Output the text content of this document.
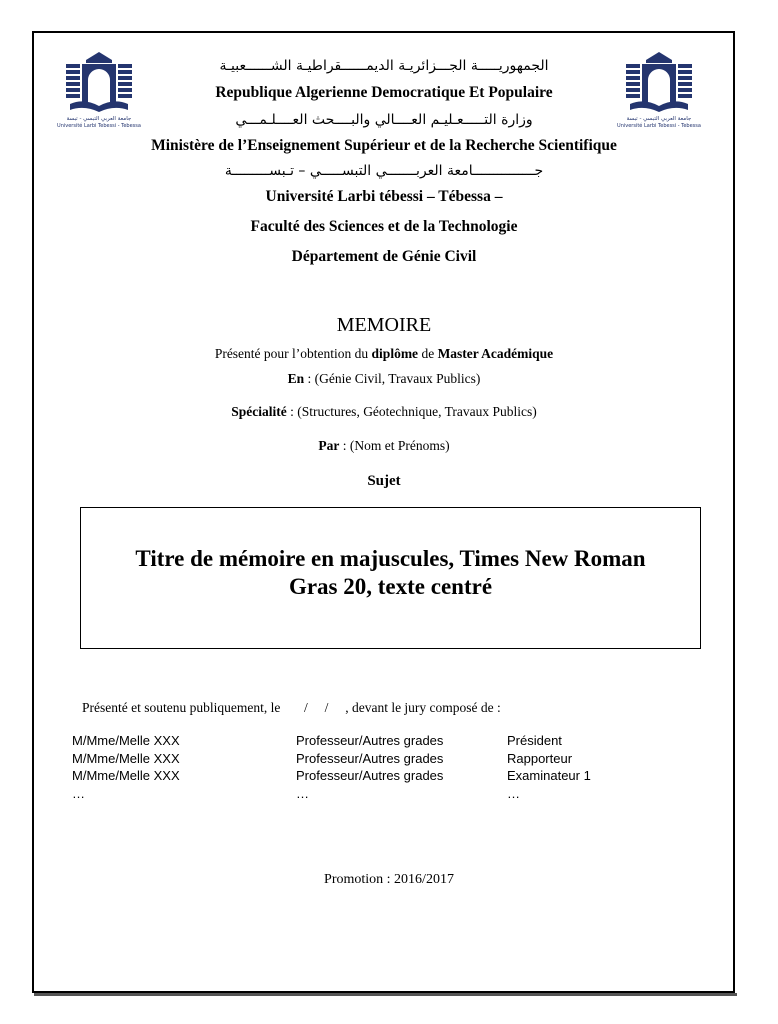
جامعة العربي التبسي - تبسة
Université Larbi Tebessi - Tebessa
جامعة العربي التبسي - تبسة
Université Larbi Tebessi - Tebessa
الجمهوريـــــة الجـــزائريـة الديمــــــقراطيـة الشــــــعبيـة
Republique Algerienne Democratique Et Populaire
وزارة التـــــعـليـم العــــالي والبــــحث العــــلـمـــي
Ministère de l’Enseignement Supérieur et de la Recherche Scientifique
جـــــــــــــــامعة العربـــــــي التبســـــي – تـبســـــــــة
Université Larbi tébessi – Tébessa –
Faculté des Sciences et de la Technologie
Département de Génie Civil
MEMOIRE
Présenté pour l’obtention du diplôme de Master Académique
En : (Génie Civil, Travaux Publics)
Spécialité : (Structures, Géotechnique, Travaux Publics)
Par : (Nom et Prénoms)
Sujet
Titre de mémoire en majuscules, Times New Roman
Gras 20, texte centré
Présenté et soutenu publiquement, le       /     /     , devant le jury composé de :
M/Mme/Melle XXX	Professeur/Autres grades	Président
M/Mme/Melle XXX	Professeur/Autres grades	Rapporteur
M/Mme/Melle XXX	Professeur/Autres grades	Examinateur 1
…	…	…
Promotion : 2016/2017
